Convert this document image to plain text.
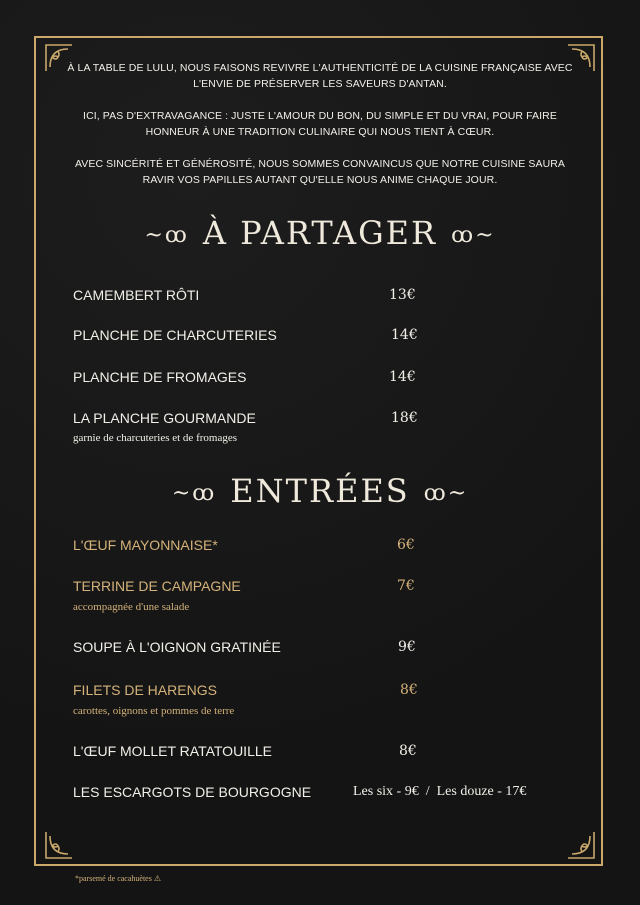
À LA TABLE DE LULU, NOUS FAISONS REVIVRE L'AUTHENTICITÉ DE LA CUISINE FRANÇAISE AVEC
L'ENVIE DE PRÉSERVER LES SAVEURS D'ANTAN.
ICI, PAS D'EXTRAVAGANCE : JUSTE L'AMOUR DU BON, DU SIMPLE ET DU VRAI, POUR FAIRE
HONNEUR À UNE TRADITION CULINAIRE QUI NOUS TIENT À CŒUR.
AVEC SINCÉRITÉ ET GÉNÉROSITÉ, NOUS SOMMES CONVAINCUS QUE NOTRE CUISINE SAURA
RAVIR VOS PAPILLES AUTANT QU'ELLE NOUS ANIME CHAQUE JOUR.
~ꝏ À PARTAGER ꝏ~
CAMEMBERT RÔTI	13€
PLANCHE DE CHARCUTERIES	14€
PLANCHE DE FROMAGES	14€
LA PLANCHE GOURMANDE	18€
garnie de charcuteries et de fromages
~ꝏ ENTRÉES ꝏ~
L'ŒUF MAYONNAISE*	6€
TERRINE DE CAMPAGNE	7€
accompagnée d'une salade
SOUPE À L'OIGNON GRATINÉE	9€
FILETS DE HARENGS	8€
carottes, oignons et pommes de terre
L'ŒUF MOLLET RATATOUILLE	8€
LES ESCARGOTS DE BOURGOGNE	Les six - 9€  /  Les douze - 17€
*parsemé de cacahuètes ⚠
